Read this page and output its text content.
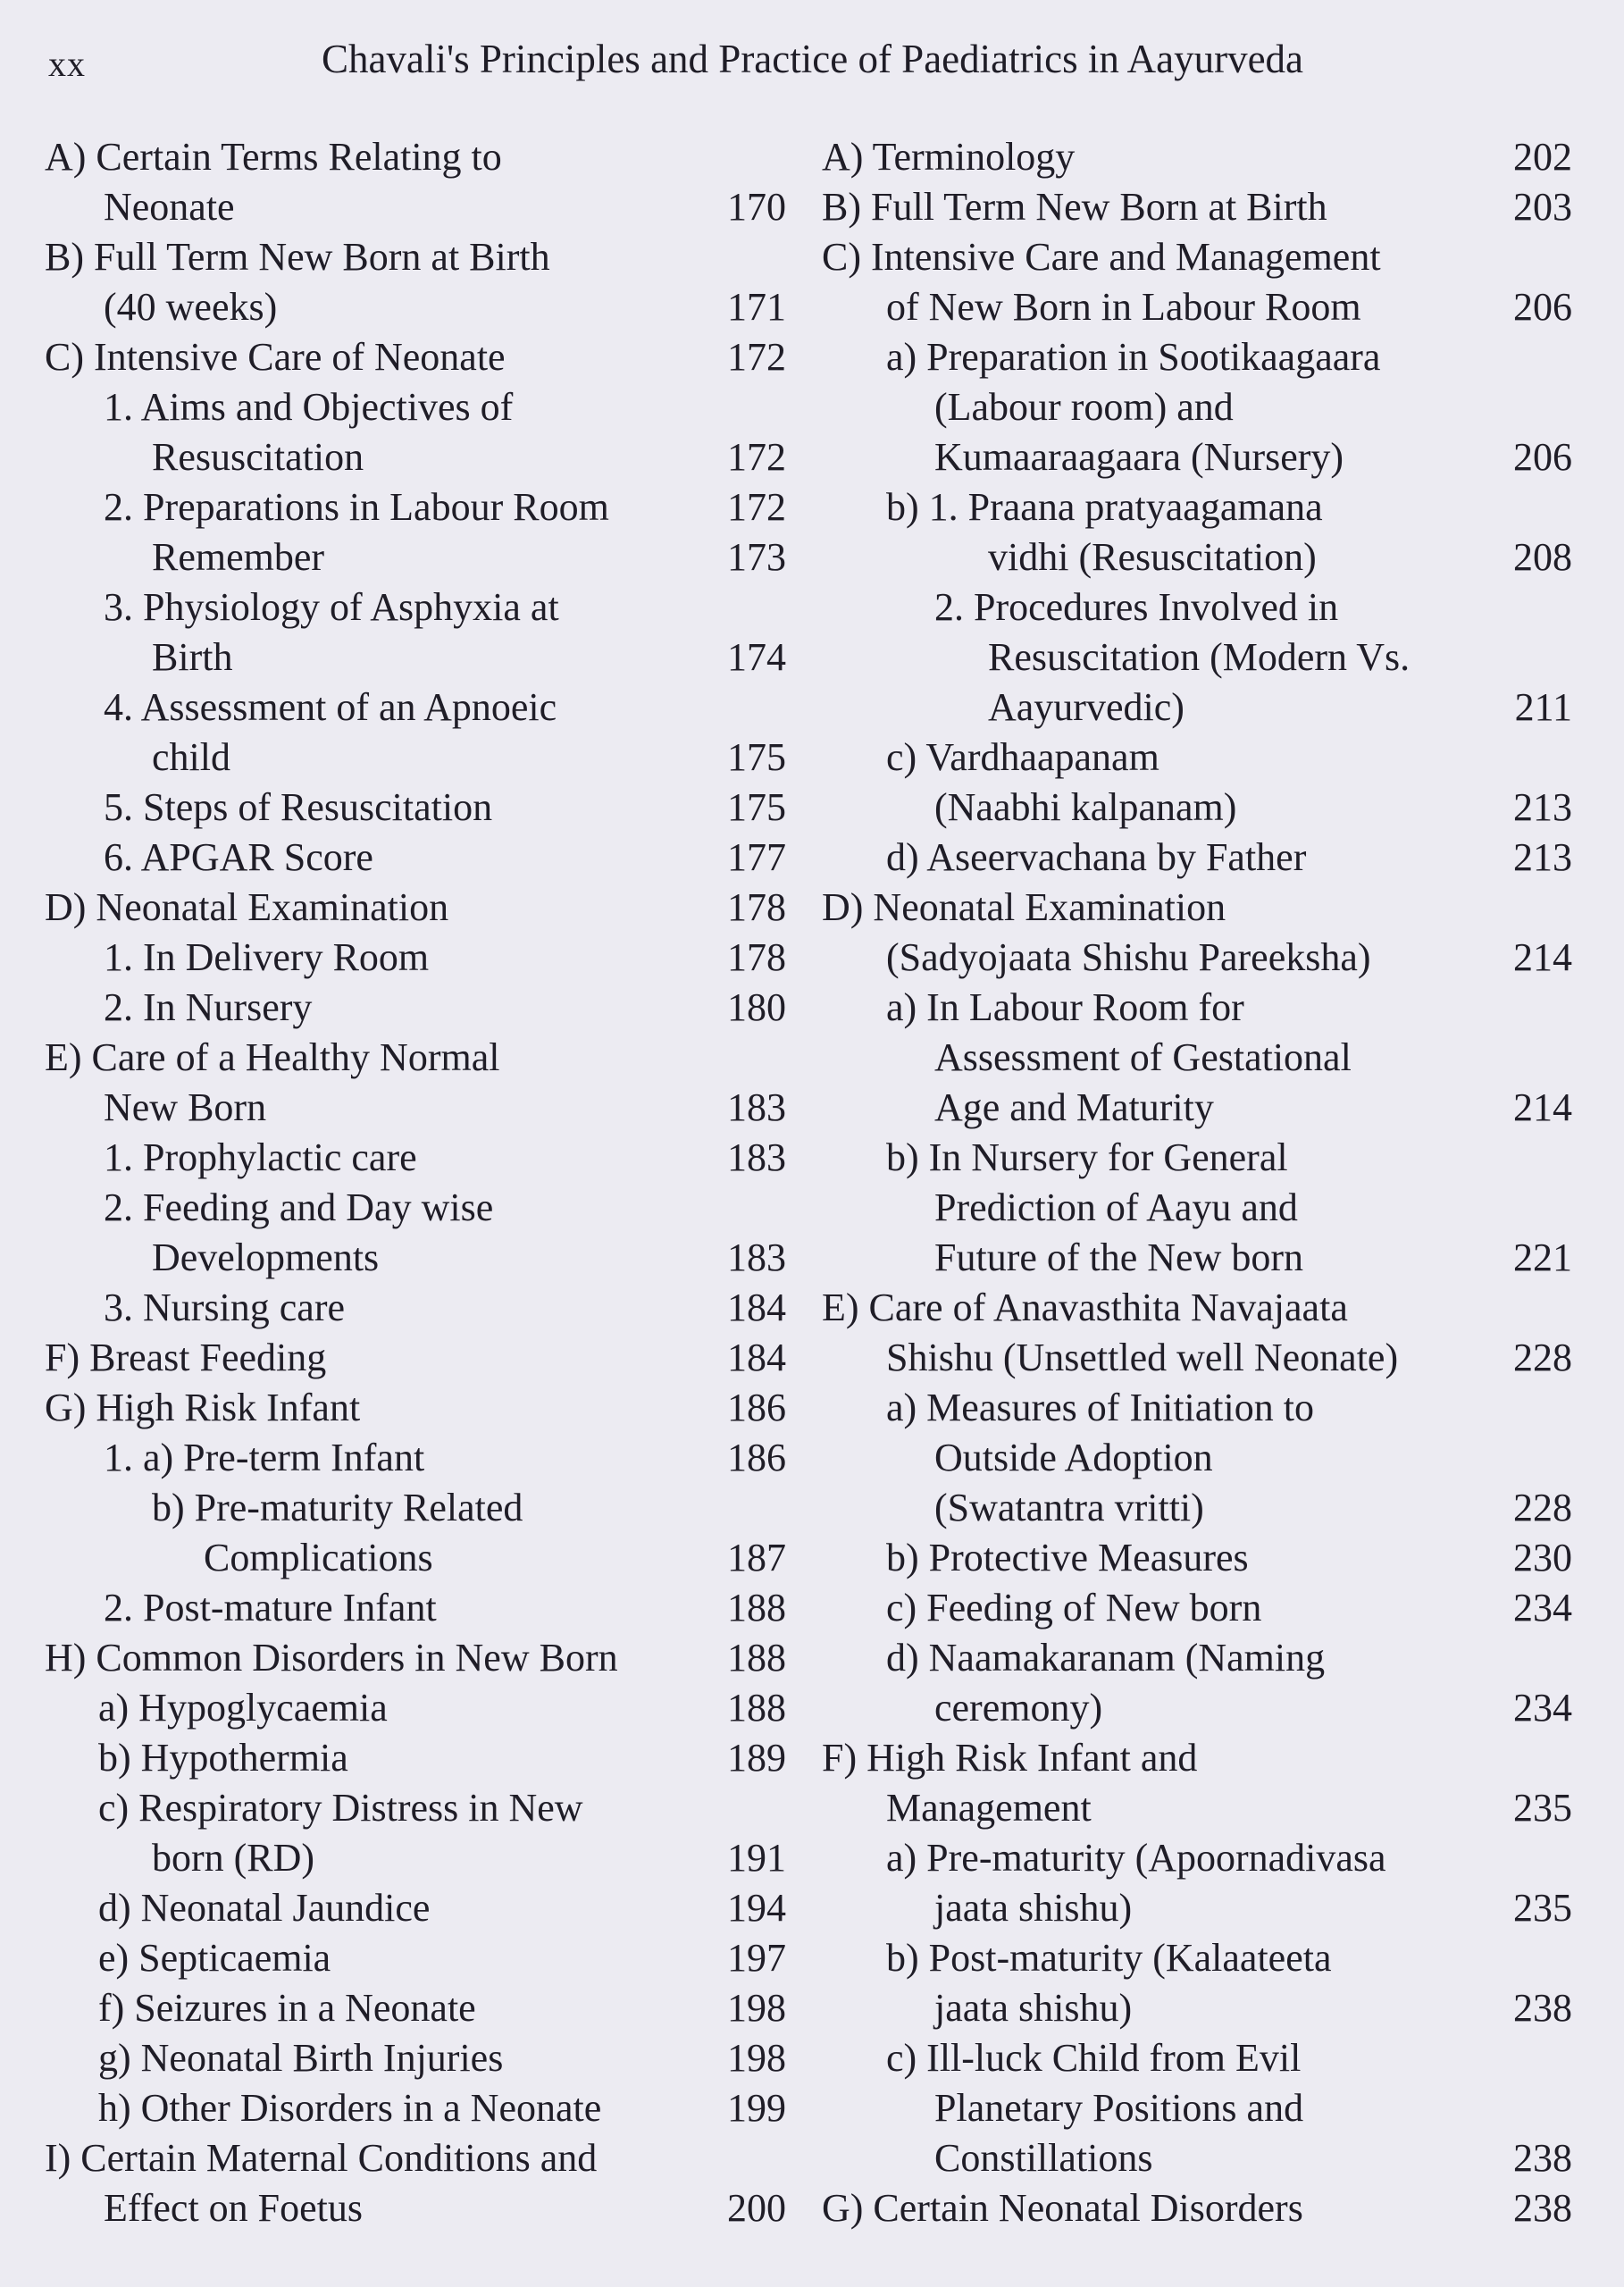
xx	Chavali's Principles and Practice of Paediatrics in Aayurveda
A) Certain Terms Relating to
Neonate	170
B) Full Term New Born at Birth
(40 weeks)	171
C) Intensive Care of Neonate	172
1. Aims and Objectives of
Resuscitation	172
2. Preparations in Labour Room	172
Remember	173
3. Physiology of Asphyxia at
Birth	174
4. Assessment of an Apnoeic
child	175
5. Steps of Resuscitation	175
6. APGAR Score	177
D) Neonatal Examination	178
1. In Delivery Room	178
2. In Nursery	180
E) Care of a Healthy Normal
New Born	183
1. Prophylactic care	183
2. Feeding and Day wise
Developments	183
3. Nursing care	184
F) Breast Feeding	184
G) High Risk Infant	186
1. a) Pre-term Infant	186
b) Pre-maturity Related
Complications	187
2. Post-mature Infant	188
H) Common Disorders in New Born	188
a) Hypoglycaemia	188
b) Hypothermia	189
c) Respiratory Distress in New
born (RD)	191
d) Neonatal Jaundice	194
e) Septicaemia	197
f) Seizures in a Neonate	198
g) Neonatal Birth Injuries	198
h) Other Disorders in a Neonate	199
I) Certain Maternal Conditions and
Effect on Foetus	200
A) Terminology	202
B) Full Term New Born at Birth	203
C) Intensive Care and Management
of New Born in Labour Room	206
a) Preparation in Sootikaagaara
(Labour room) and
Kumaaraagaara (Nursery)	206
b) 1. Praana pratyaagamana
vidhi (Resuscitation)	208
2. Procedures Involved in
Resuscitation (Modern Vs.
Aayurvedic)	211
c) Vardhaapanam
(Naabhi kalpanam)	213
d) Aseervachana by Father	213
D) Neonatal Examination
(Sadyojaata Shishu Pareeksha)	214
a) In Labour Room for
Assessment of Gestational
Age and Maturity	214
b) In Nursery for General
Prediction of Aayu and
Future of the New born	221
E) Care of Anavasthita Navajaata
Shishu (Unsettled well Neonate)	228
a) Measures of Initiation to
Outside Adoption
(Swatantra vritti)	228
b) Protective Measures	230
c) Feeding of New born	234
d) Naamakaranam (Naming
ceremony)	234
F) High Risk Infant and
Management	235
a) Pre-maturity (Apoornadivasa
jaata shishu)	235
b) Post-maturity (Kalaateeta
jaata shishu)	238
c) Ill-luck Child from Evil
Planetary Positions and
Constillations	238
G) Certain Neonatal Disorders	238
